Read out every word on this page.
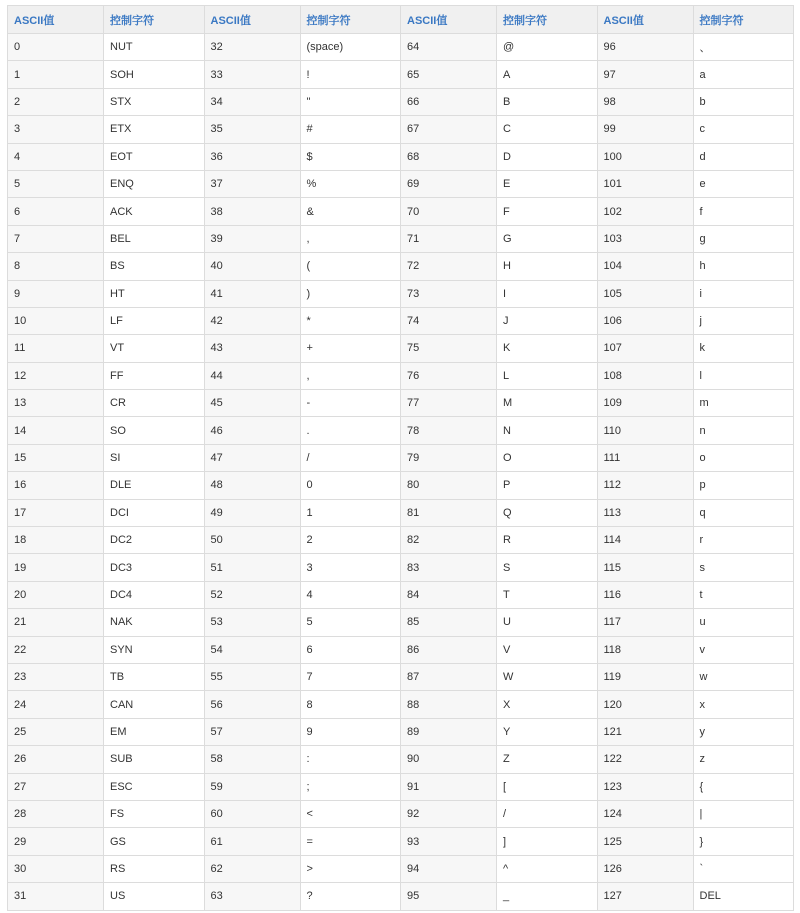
ASCII值	控制字符	ASCII值	控制字符	ASCII值	控制字符	ASCII值	控制字符
0	NUT	32	(space)	64	@	96	、
1	SOH	33	!	65	A	97	a
2	STX	34	"	66	B	98	b
3	ETX	35	#	67	C	99	c
4	EOT	36	$	68	D	100	d
5	ENQ	37	%	69	E	101	e
6	ACK	38	&	70	F	102	f
7	BEL	39	,	71	G	103	g
8	BS	40	(	72	H	104	h
9	HT	41	)	73	I	105	i
10	LF	42	*	74	J	106	j
11	VT	43	+	75	K	107	k
12	FF	44	,	76	L	108	l
13	CR	45	-	77	M	109	m
14	SO	46	.	78	N	110	n
15	SI	47	/	79	O	111	o
16	DLE	48	0	80	P	112	p
17	DCI	49	1	81	Q	113	q
18	DC2	50	2	82	R	114	r
19	DC3	51	3	83	S	115	s
20	DC4	52	4	84	T	116	t
21	NAK	53	5	85	U	117	u
22	SYN	54	6	86	V	118	v
23	TB	55	7	87	W	119	w
24	CAN	56	8	88	X	120	x
25	EM	57	9	89	Y	121	y
26	SUB	58	:	90	Z	122	z
27	ESC	59	;	91	[	123	{
28	FS	60	<	92	/	124	|
29	GS	61	=	93	]	125	}
30	RS	62	>	94	^	126	`
31	US	63	?	95	_	127	DEL
